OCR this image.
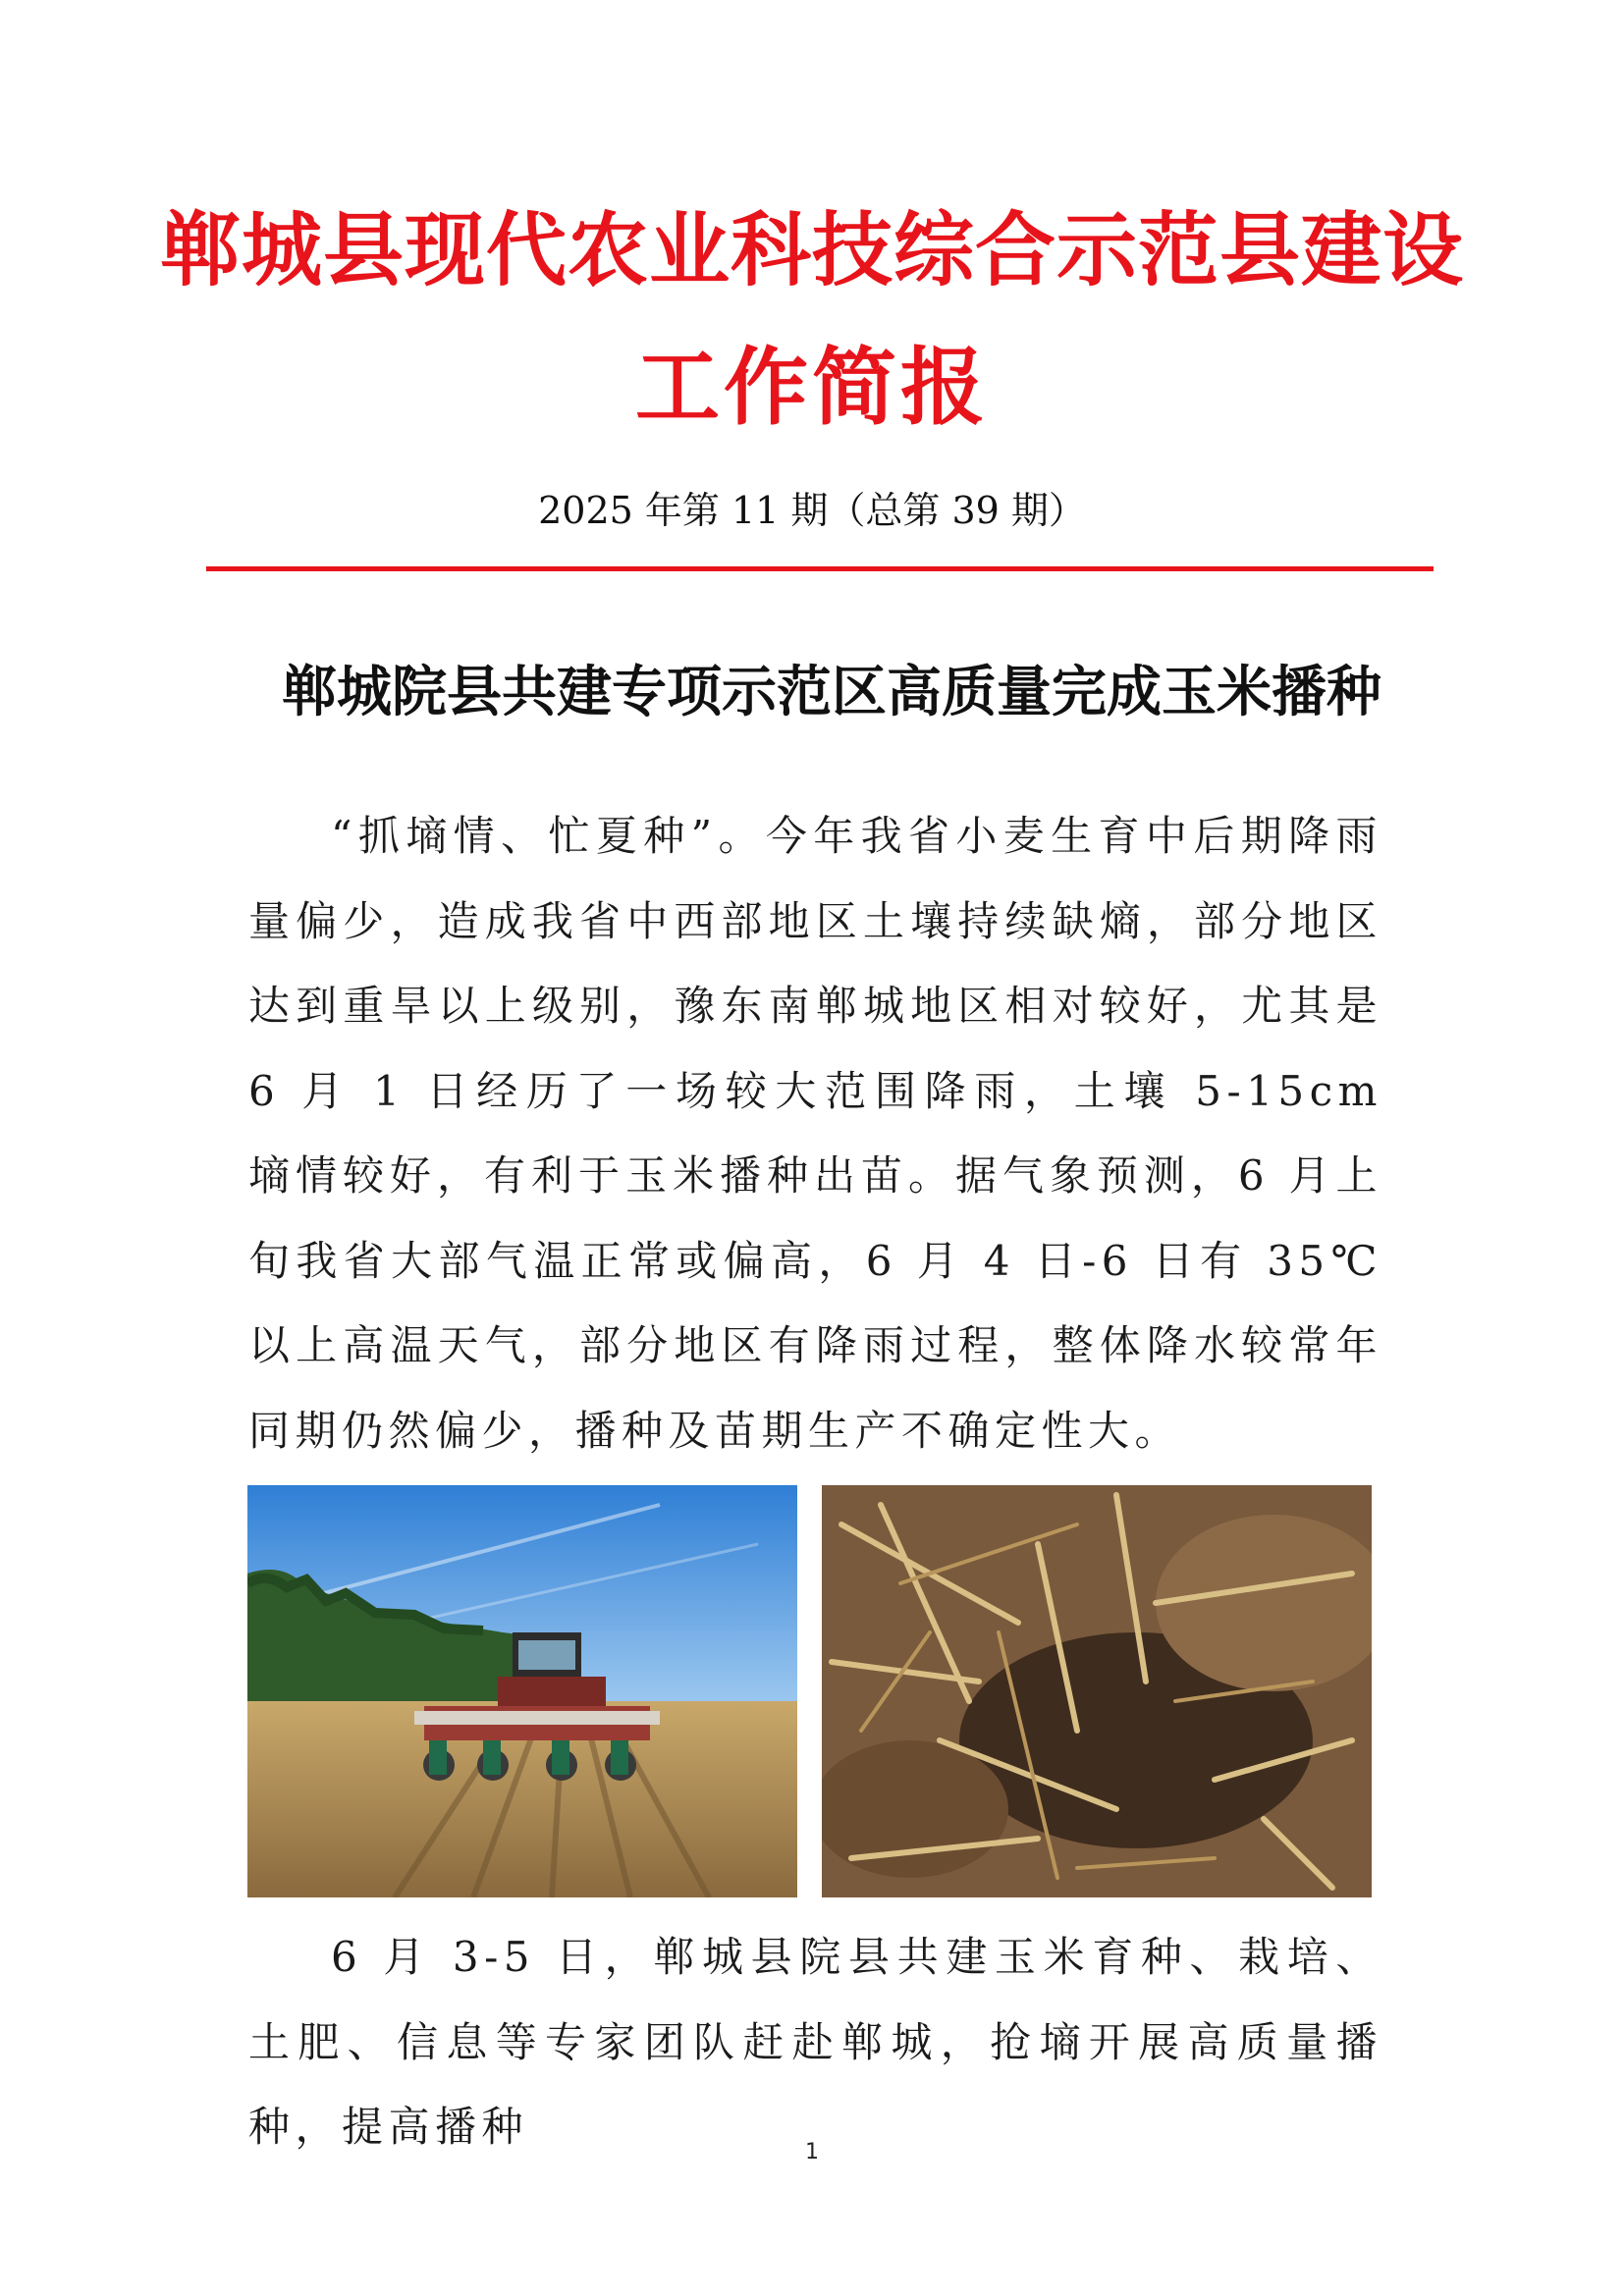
郸城县现代农业科技综合示范县建设
工作简报
2025 年第 11 期（总第 39 期）
郸城院县共建专项示范区高质量完成玉米播种

“抓墒情、忙夏种”。今年我省小麦生育中后期降雨量偏少，造成我省中西部地区土壤持续缺熵，部分地区达到重旱以上级别，豫东南郸城地区相对较好，尤其是 6 月 1 日经历了一场较大范围降雨，土壤 5-15cm 墒情较好，有利于玉米播种出苗。据气象预测，6 月上旬我省大部气温正常或偏高，6 月 4 日-6 日有 35℃以上高温天气，部分地区有降雨过程，整体降水较常年同期仍然偏少，播种及苗期生产不确定性大。

6 月 3-5 日，郸城县院县共建玉米育种、栽培、土肥、信息等专家团队赶赴郸城，抢墒开展高质量播种，提高播种

1
